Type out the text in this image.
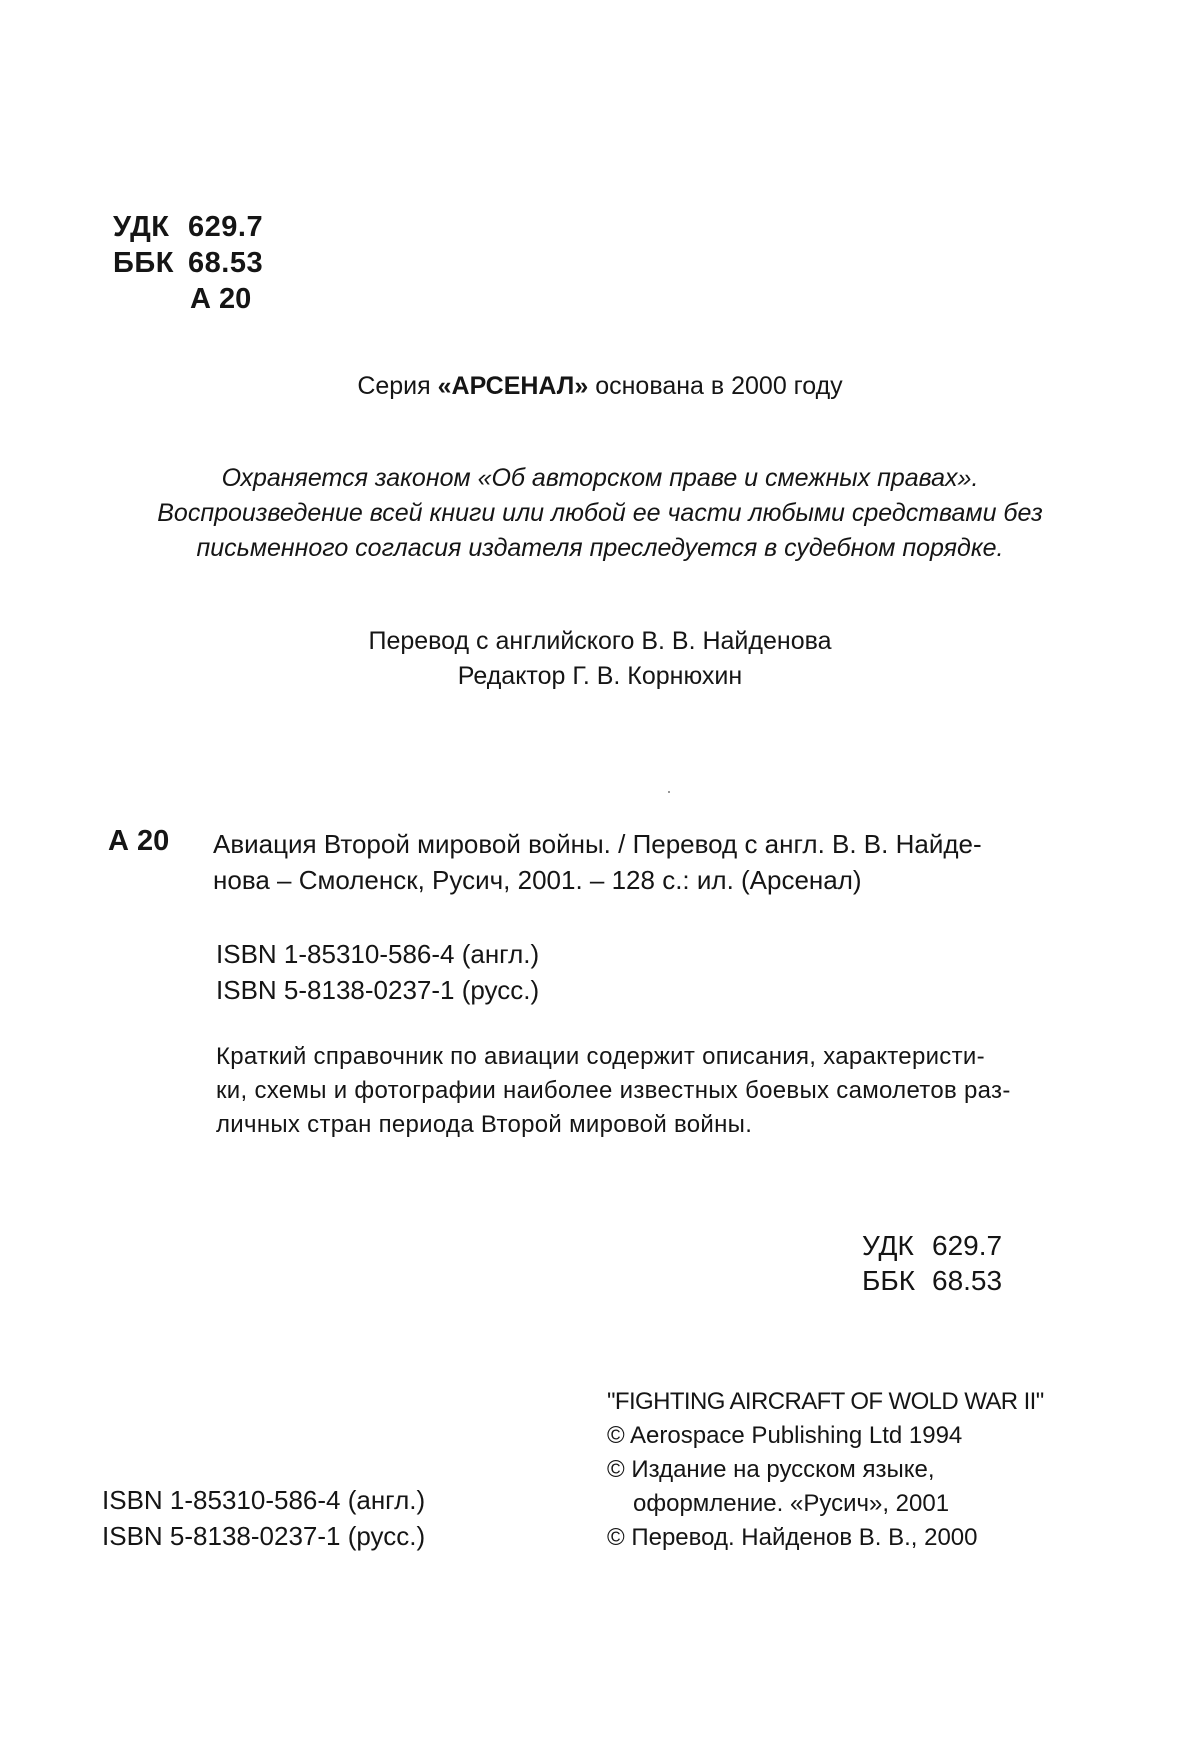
УДК 629.7
ББК 68.53
А 20
Серия «АРСЕНАЛ» основана в 2000 году
Охраняется законом «Об авторском праве и смежных правах».
Воспроизведение всей книги или любой ее части любыми средствами без
письменного согласия издателя преследуется в судебном порядке.
Перевод с английского В. В. Найденова
Редактор Г. В. Корнюхин
А 20 Авиация Второй мировой войны. / Перевод с англ. В. В. Найде-
нова – Смоленск, Русич, 2001. – 128 с.: ил. (Арсенал)
ISBN 1-85310-586-4 (англ.)
ISBN 5-8138-0237-1 (русс.)
Краткий справочник по авиации содержит описания, характеристи-
ки, схемы и фотографии наиболее известных боевых самолетов раз-
личных стран периода Второй мировой войны.
УДК 629.7
ББК 68.53
ISBN 1-85310-586-4 (англ.)
ISBN 5-8138-0237-1 (русс.)
"FIGHTING AIRCRAFT OF WOLD WAR II"
© Aerospace Publishing Ltd 1994
© Издание на русском языке,
оформление. «Русич», 2001
© Перевод. Найденов В. В., 2000
